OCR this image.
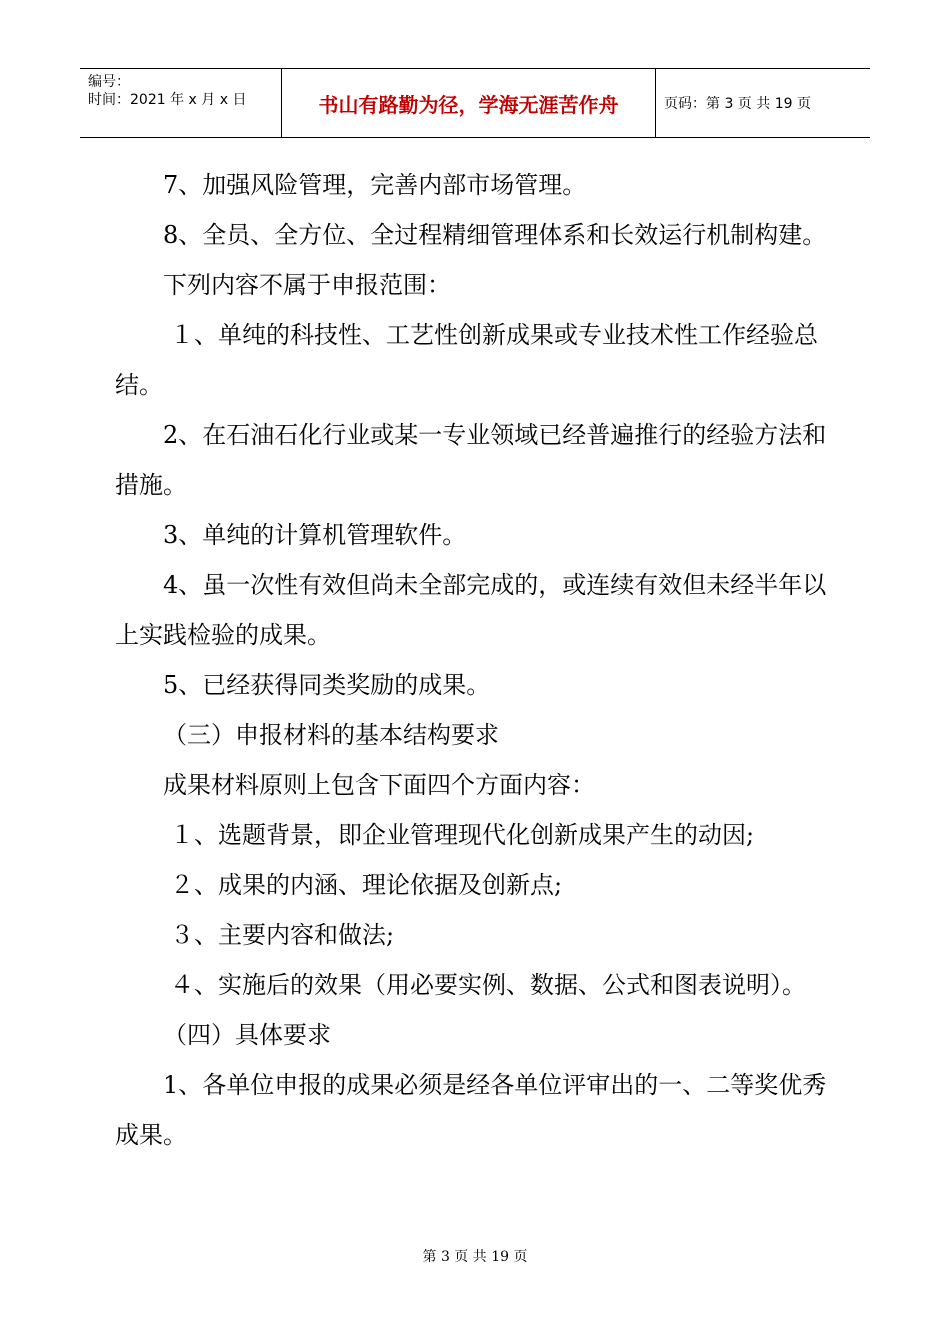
编号：
时间：2021 年 x 月 x 日	书山有路勤为径，学海无涯苦作舟	页码：第 3 页 共 19 页

7、加强风险管理，完善内部市场管理。

8、全员、全方位、全过程精细管理体系和长效运行机制构建。

下列内容不属于申报范围：

１、单纯的科技性、工艺性创新成果或专业技术性工作经验总结。

2、在石油石化行业或某一专业领域已经普遍推行的经验方法和措施。

3、单纯的计算机管理软件。

4、虽一次性有效但尚未全部完成的，或连续有效但未经半年以上实践检验的成果。

5、已经获得同类奖励的成果。

（三）申报材料的基本结构要求

成果材料原则上包含下面四个方面内容：

１、选题背景，即企业管理现代化创新成果产生的动因;

２、成果的内涵、理论依据及创新点;

３、主要内容和做法;

４、实施后的效果（用必要实例、数据、公式和图表说明）。

（四）具体要求

1、各单位申报的成果必须是经各单位评审出的一、二等奖优秀成果。

第 3 页 共 19 页
